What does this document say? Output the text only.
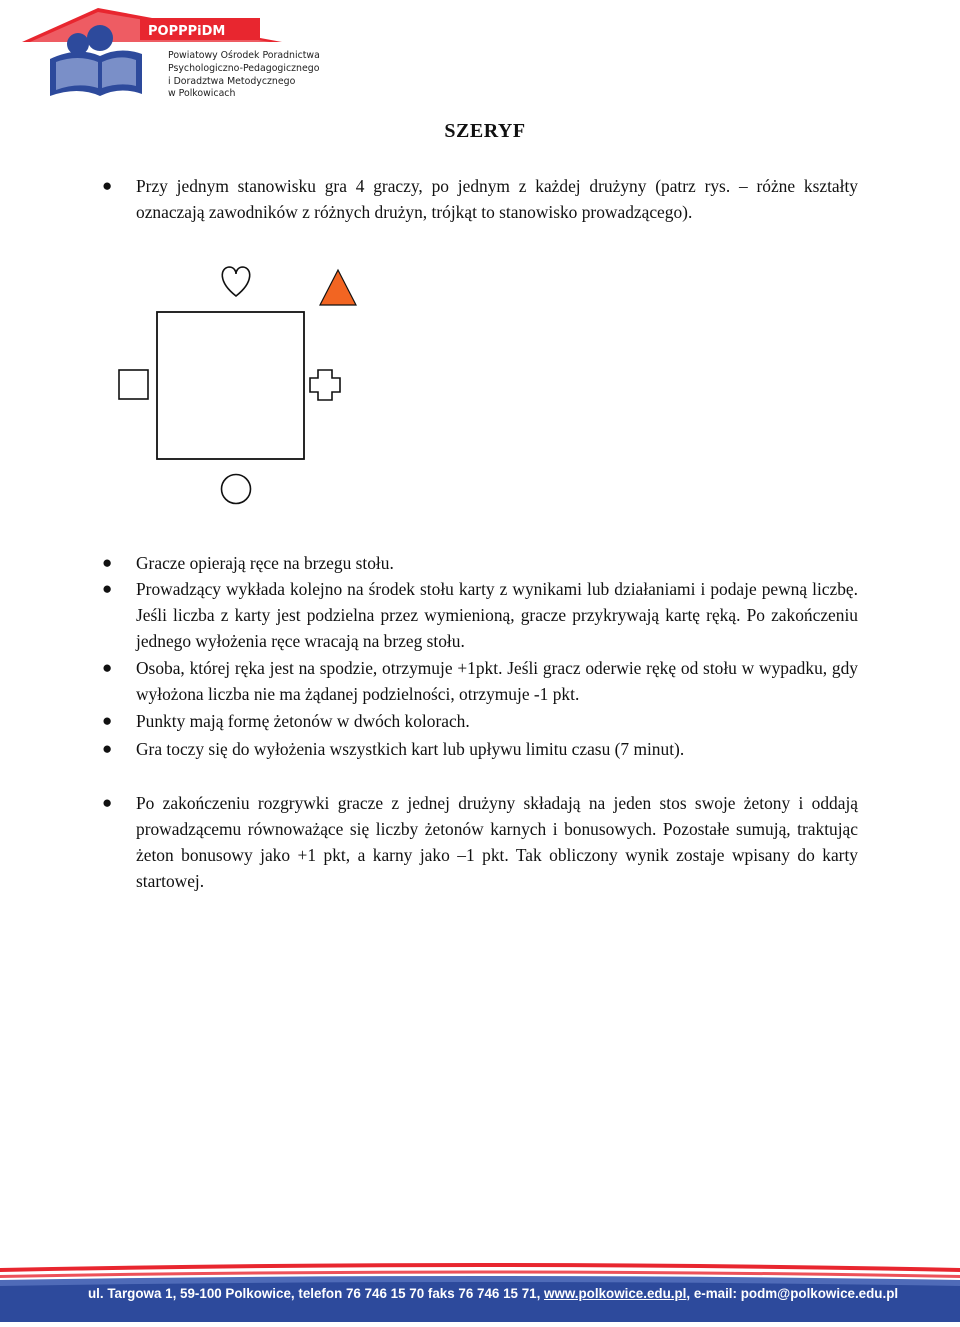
POPPPiDM
Powiatowy Ośrodek Poradnictwa
Psychologiczno-Pedagogicznego
i Doradztwa Metodycznego
w Polkowicach
SZERYF
● Przy jednym stanowisku gra 4 graczy, po jednym z każdej drużyny (patrz rys. – różne kształty oznaczają zawodników z różnych drużyn, trójkąt to stanowisko prowadzącego).
● Gracze opierają ręce na brzegu stołu.
● Prowadzący wykłada kolejno na środek stołu karty z wynikami lub działaniami i podaje pewną liczbę. Jeśli liczba z karty jest podzielna przez wymienioną, gracze przykrywają kartę ręką. Po zakończeniu jednego wyłożenia ręce wracają na brzeg stołu.
● Osoba, której ręka jest na spodzie, otrzymuje +1pkt. Jeśli gracz oderwie rękę od stołu w wypadku, gdy wyłożona liczba nie ma żądanej podzielności, otrzymuje -1 pkt.
● Punkty mają formę żetonów w dwóch kolorach.
● Gra toczy się do wyłożenia wszystkich kart lub upływu limitu czasu (7 minut).
● Po zakończeniu rozgrywki gracze z jednej drużyny składają na jeden stos swoje żetony i oddają prowadzącemu równoważące się liczby żetonów karnych i bonusowych. Pozostałe sumują, traktując żeton bonusowy jako +1 pkt, a karny jako –1 pkt. Tak obliczony wynik zostaje wpisany do karty startowej.
ul. Targowa 1, 59-100 Polkowice, telefon 76 746 15 70 faks 76 746 15 71, www.polkowice.edu.pl, e-mail: podm@polkowice.edu.pl
